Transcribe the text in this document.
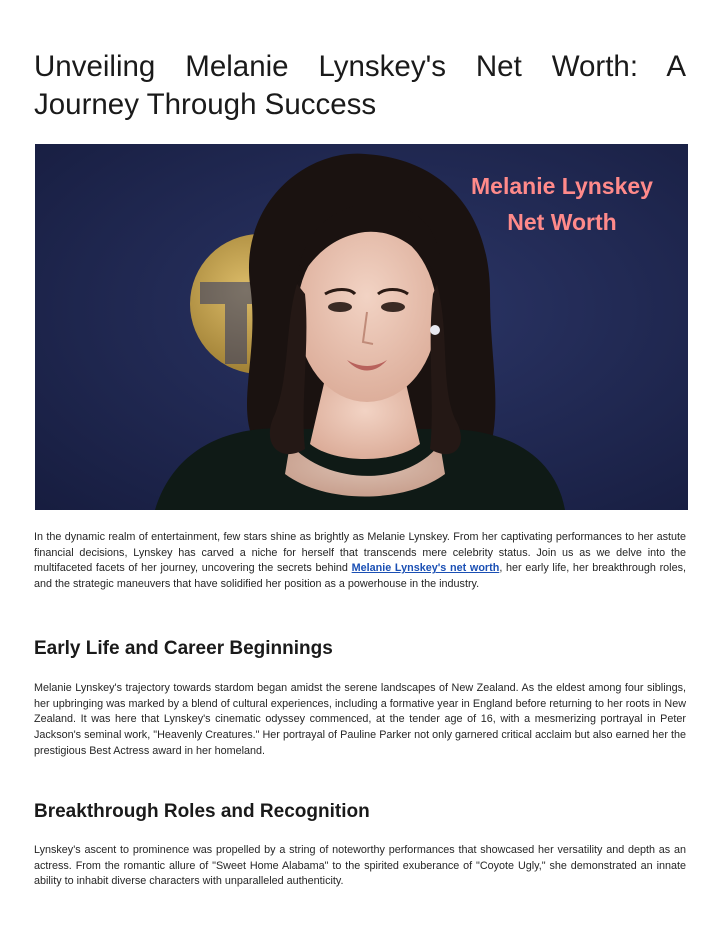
Unveiling Melanie Lynskey's Net Worth: A Journey Through Success
Melanie Lynskey
Net Worth

In the dynamic realm of entertainment, few stars shine as brightly as Melanie Lynskey. From her captivating performances to her astute financial decisions, Lynskey has carved a niche for herself that transcends mere celebrity status. Join us as we delve into the multifaceted facets of her journey, uncovering the secrets behind Melanie Lynskey's net worth, her early life, her breakthrough roles, and the strategic maneuvers that have solidified her position as a powerhouse in the industry.

Early Life and Career Beginnings

Melanie Lynskey's trajectory towards stardom began amidst the serene landscapes of New Zealand. As the eldest among four siblings, her upbringing was marked by a blend of cultural experiences, including a formative year in England before returning to her roots in New Zealand. It was here that Lynskey's cinematic odyssey commenced, at the tender age of 16, with a mesmerizing portrayal in Peter Jackson's seminal work, "Heavenly Creatures." Her portrayal of Pauline Parker not only garnered critical acclaim but also earned her the prestigious Best Actress award in her homeland.

Breakthrough Roles and Recognition

Lynskey's ascent to prominence was propelled by a string of noteworthy performances that showcased her versatility and depth as an actress. From the romantic allure of "Sweet Home Alabama" to the spirited exuberance of "Coyote Ugly," she demonstrated an innate ability to inhabit diverse characters with unparalleled authenticity.
